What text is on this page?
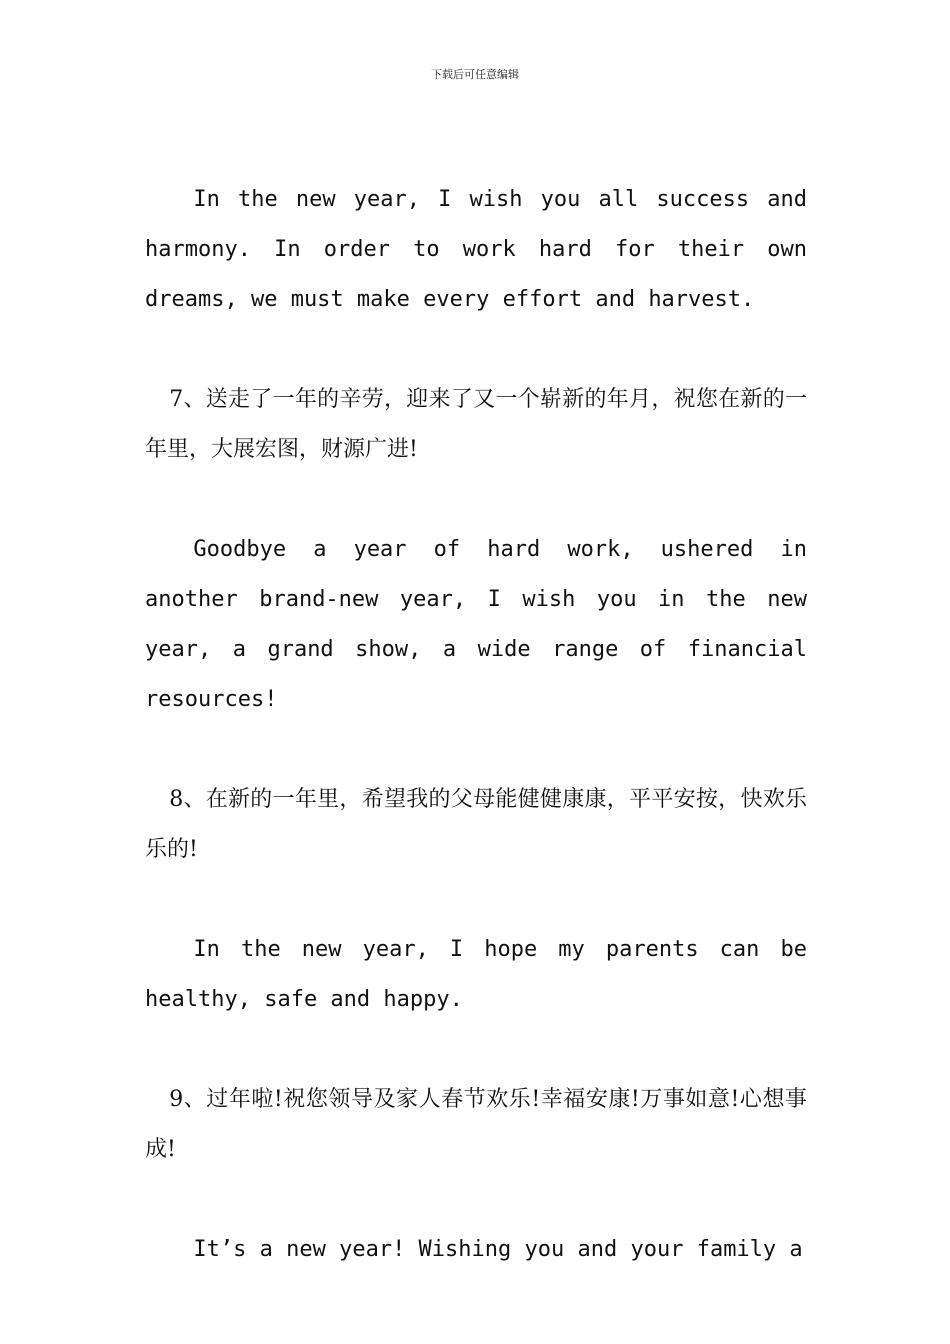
下载后可任意编辑

In the new year, I wish you all success and harmony. In order to work hard for their own dreams, we must make every effort and harvest.

7、送走了一年的辛劳，迎来了又一个崭新的年月，祝您在新的一年里，大展宏图，财源广进!

Goodbye a year of hard work, ushered in another brand-new year, I wish you in the new year, a grand show, a wide range of financial resources!

8、在新的一年里，希望我的父母能健健康康，平平安按，快欢乐乐的!

In the new year, I hope my parents can be healthy, safe and happy.

9、过年啦!祝您领导及家人春节欢乐!幸福安康!万事如意!心想事成!

It’s a new year! Wishing you and your family a
